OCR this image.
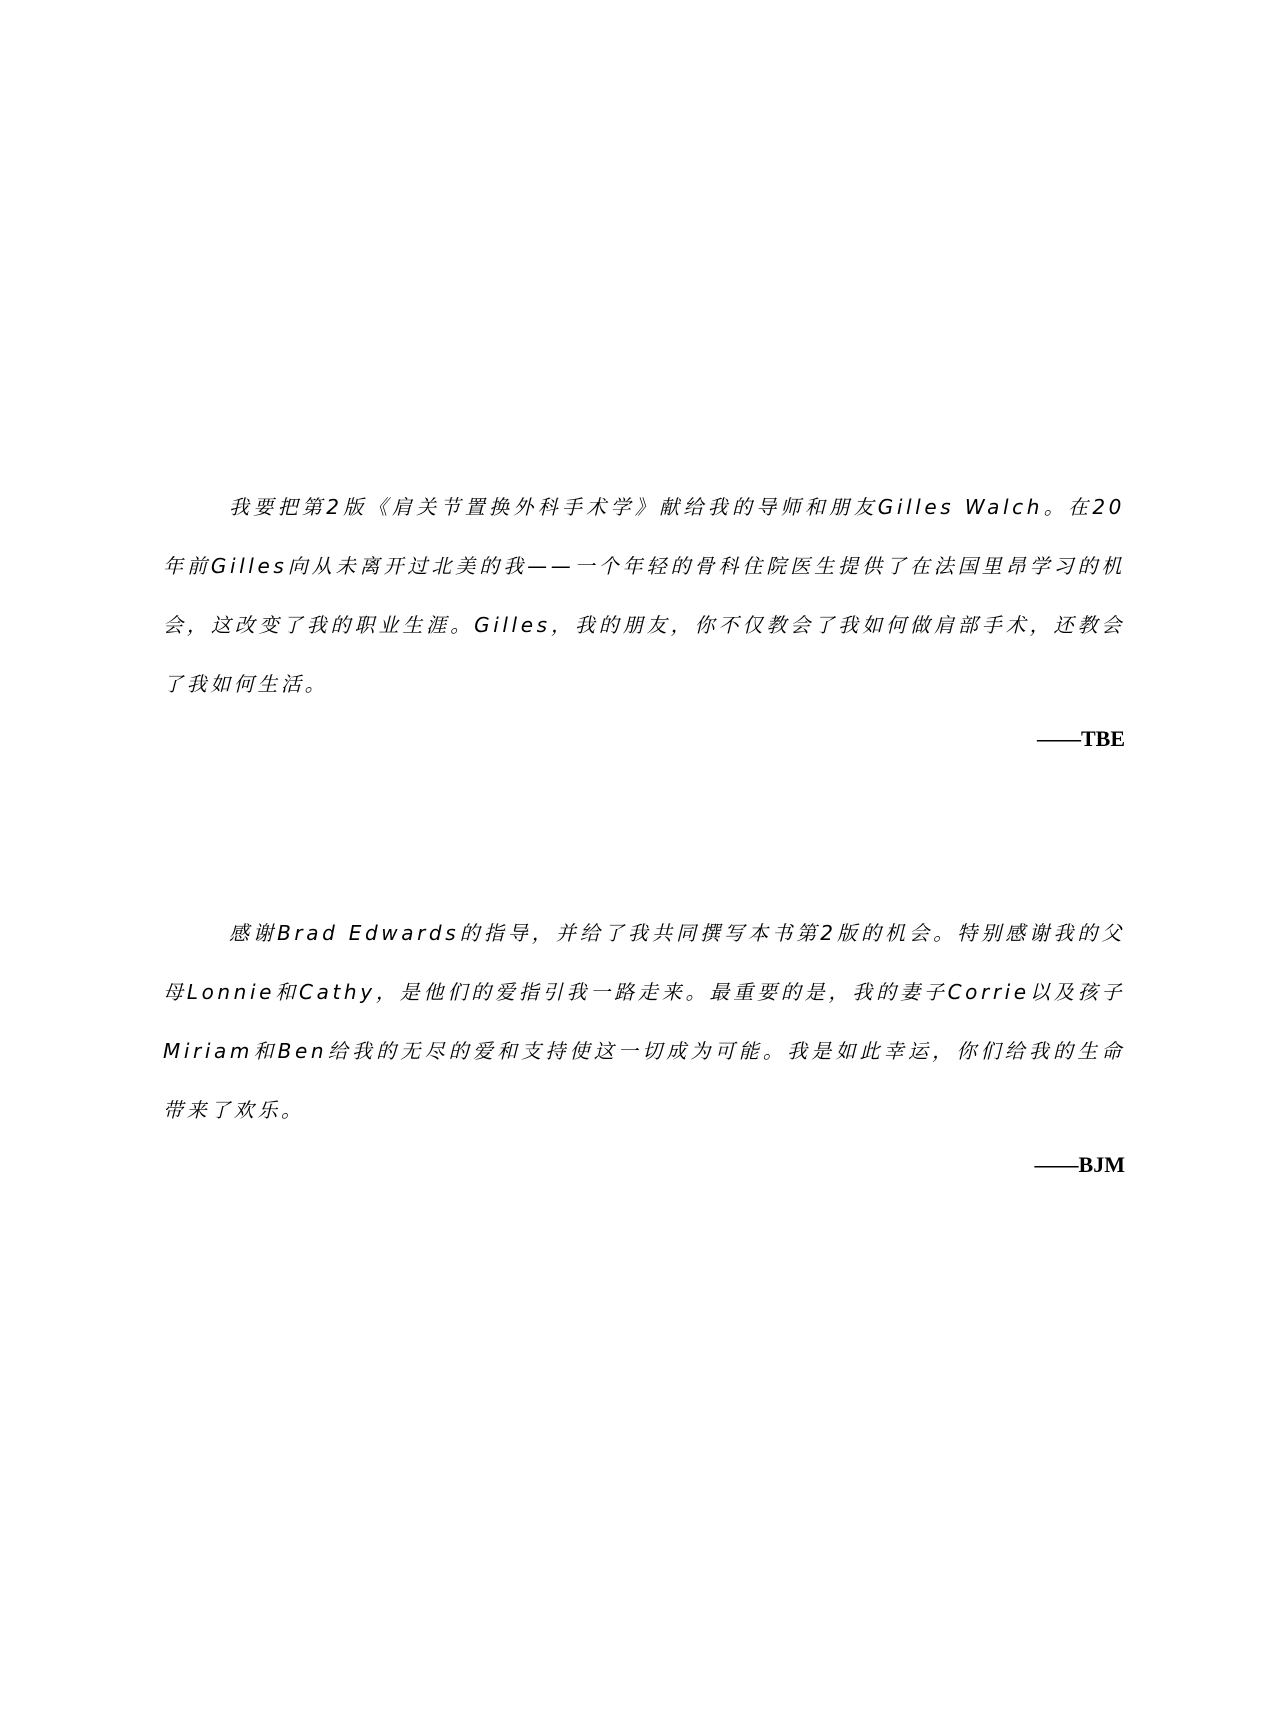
我要把第2版《肩关节置换外科手术学》献给我的导师和朋友Gilles Walch。在20年前Gilles向从未离开过北美的我——一个年轻的骨科住院医生提供了在法国里昂学习的机会，这改变了我的职业生涯。Gilles，我的朋友，你不仅教会了我如何做肩部手术，还教会了我如何生活。

——TBE

感谢Brad Edwards的指导，并给了我共同撰写本书第2版的机会。特别感谢我的父母Lonnie和Cathy，是他们的爱指引我一路走来。最重要的是，我的妻子Corrie以及孩子Miriam和Ben给我的无尽的爱和支持使这一切成为可能。我是如此幸运，你们给我的生命带来了欢乐。

——BJM
